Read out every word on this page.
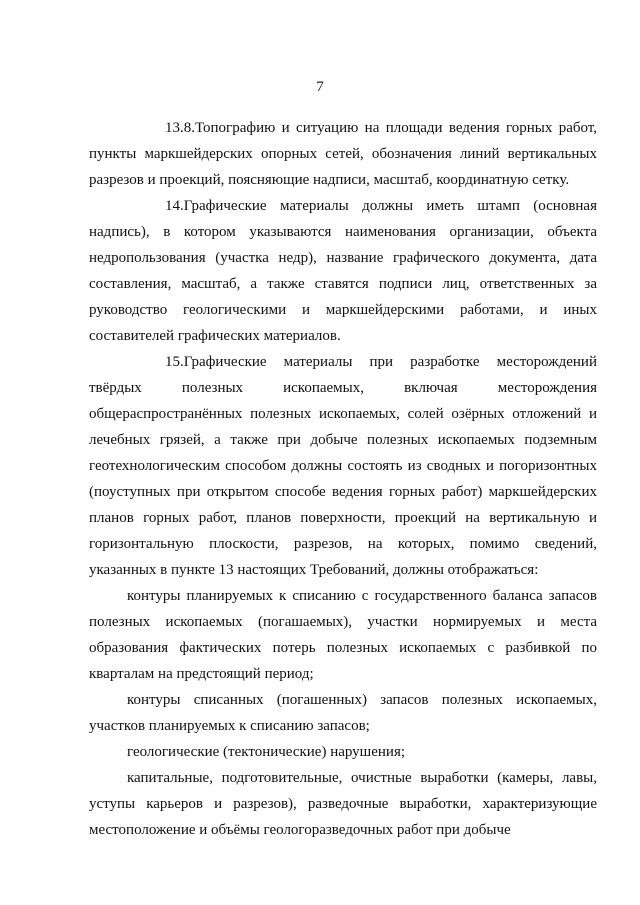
7

13.8.Топографию и ситуацию на площади ведения горных работ, пункты маркшейдерских опорных сетей, обозначения линий вертикальных разрезов и проекций, поясняющие надписи, масштаб, координатную сетку.

14.Графические материалы должны иметь штамп (основная надпись), в котором указываются наименования организации, объекта недропользования (участка недр), название графического документа, дата составления, масштаб, а также ставятся подписи лиц, ответственных за руководство геологическими и маркшейдерскими работами, и иных составителей графических материалов.

15.Графические материалы при разработке месторождений твёрдых полезных ископаемых, включая месторождения общераспространённых полезных ископаемых, солей озёрных отложений и лечебных грязей, а также при добыче полезных ископаемых подземным геотехнологическим способом должны состоять из сводных и погоризонтных (поуступных при открытом способе ведения горных работ) маркшейдерских планов горных работ, планов поверхности, проекций на вертикальную и горизонтальную плоскости, разрезов, на которых, помимо сведений, указанных в пункте 13 настоящих Требований, должны отображаться:

контуры планируемых к списанию с государственного баланса запасов полезных ископаемых (погашаемых), участки нормируемых и места образования фактических потерь полезных ископаемых с разбивкой по кварталам на предстоящий период;

контуры списанных (погашенных) запасов полезных ископаемых, участков планируемых к списанию запасов;

геологические (тектонические) нарушения;

капитальные, подготовительные, очистные выработки (камеры, лавы, уступы карьеров и разрезов), разведочные выработки, характеризующие местоположение и объёмы геологоразведочных работ при добыче
